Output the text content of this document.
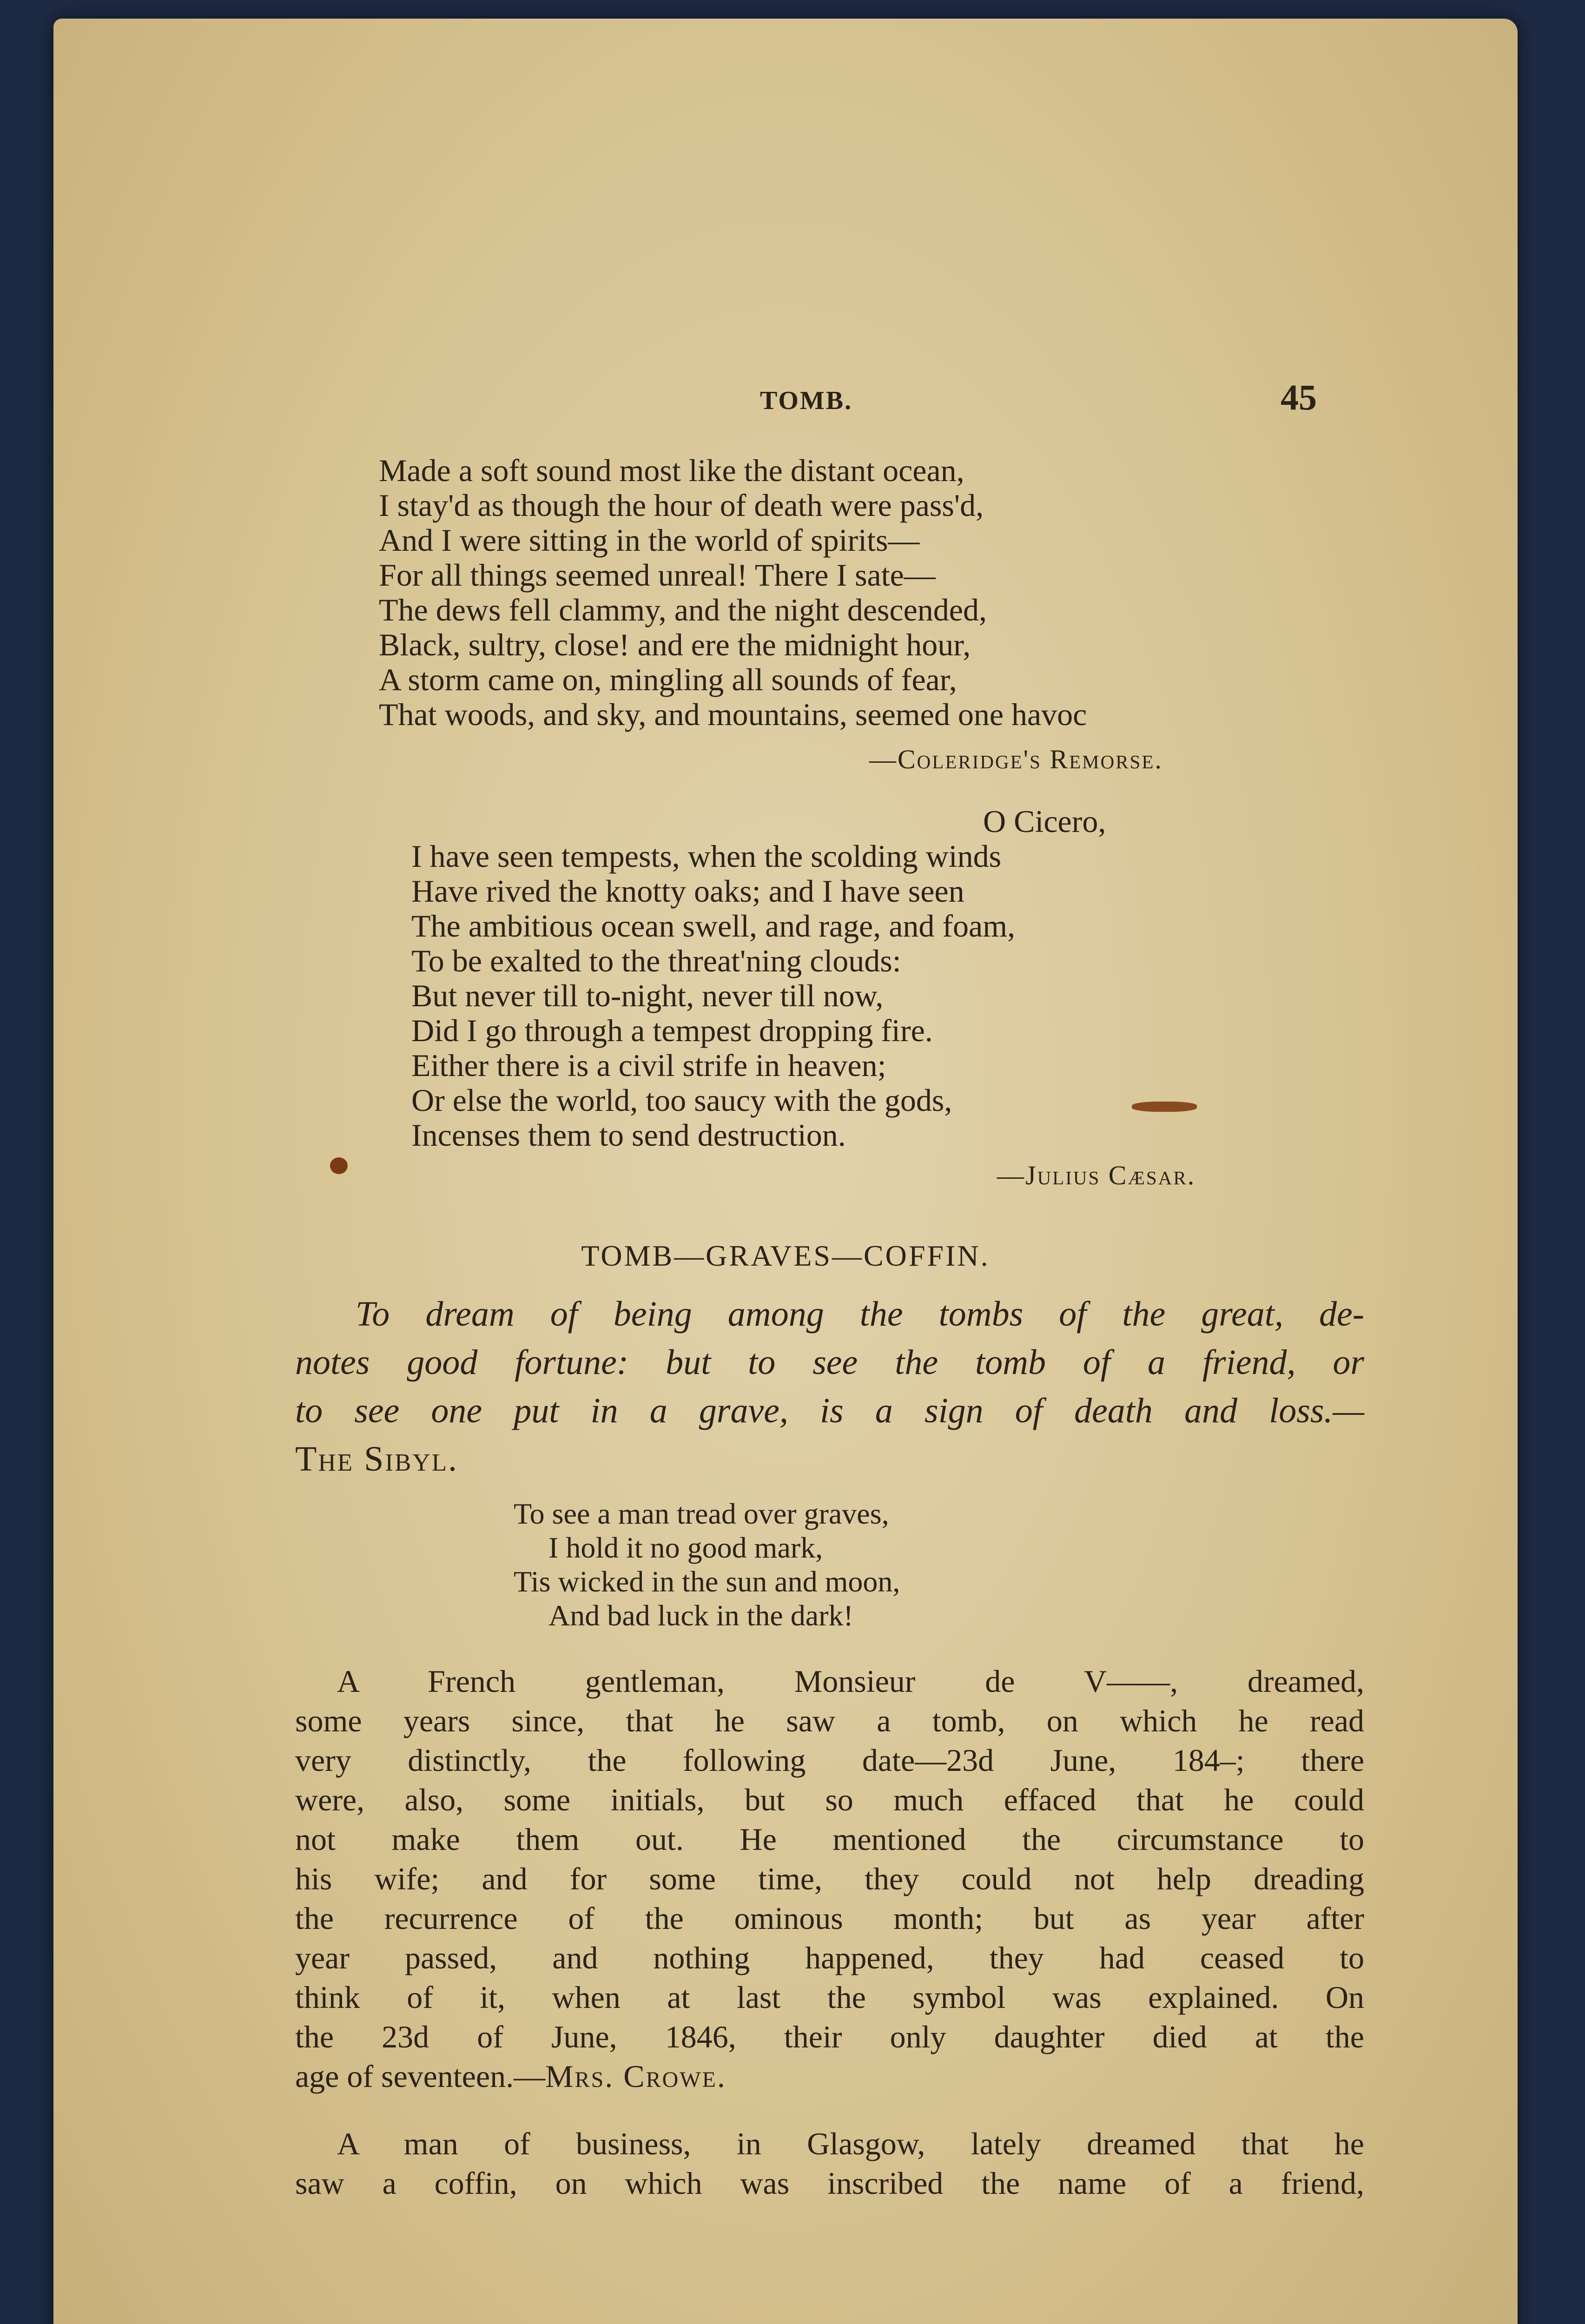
TOMB.	45
Made a soft sound most like the distant ocean,
I stay'd as though the hour of death were pass'd,
And I were sitting in the world of spirits—
For all things seemed unreal! There I sate—
The dews fell clammy, and the night descended,
Black, sultry, close! and ere the midnight hour,
A storm came on, mingling all sounds of fear,
That woods, and sky, and mountains, seemed one havoc
—Coleridge's Remorse.
O Cicero,
I have seen tempests, when the scolding winds
Have rived the knotty oaks; and I have seen
The ambitious ocean swell, and rage, and foam,
To be exalted to the threat'ning clouds:
But never till to-night, never till now,
Did I go through a tempest dropping fire.
Either there is a civil strife in heaven;
Or else the world, too saucy with the gods,
Incenses them to send destruction.
—Julius Cæsar.
TOMB—GRAVES—COFFIN.
To dream of being among the tombs of the great, de-
notes good fortune: but to see the tomb of a friend, or
to see one put in a grave, is a sign of death and loss.—
The Sibyl.
To see a man tread over graves,
I hold it no good mark,
Tis wicked in the sun and moon,
And bad luck in the dark!
A French gentleman, Monsieur de V——, dreamed,
some years since, that he saw a tomb, on which he read
very distinctly, the following date—23d June, 184–; there
were, also, some initials, but so much effaced that he could
not make them out. He mentioned the circumstance to
his wife; and for some time, they could not help dreading
the recurrence of the ominous month; but as year after
year passed, and nothing happened, they had ceased to
think of it, when at last the symbol was explained. On
the 23d of June, 1846, their only daughter died at the
age of seventeen.—Mrs. Crowe.
A man of business, in Glasgow, lately dreamed that he
saw a coffin, on which was inscribed the name of a friend,
